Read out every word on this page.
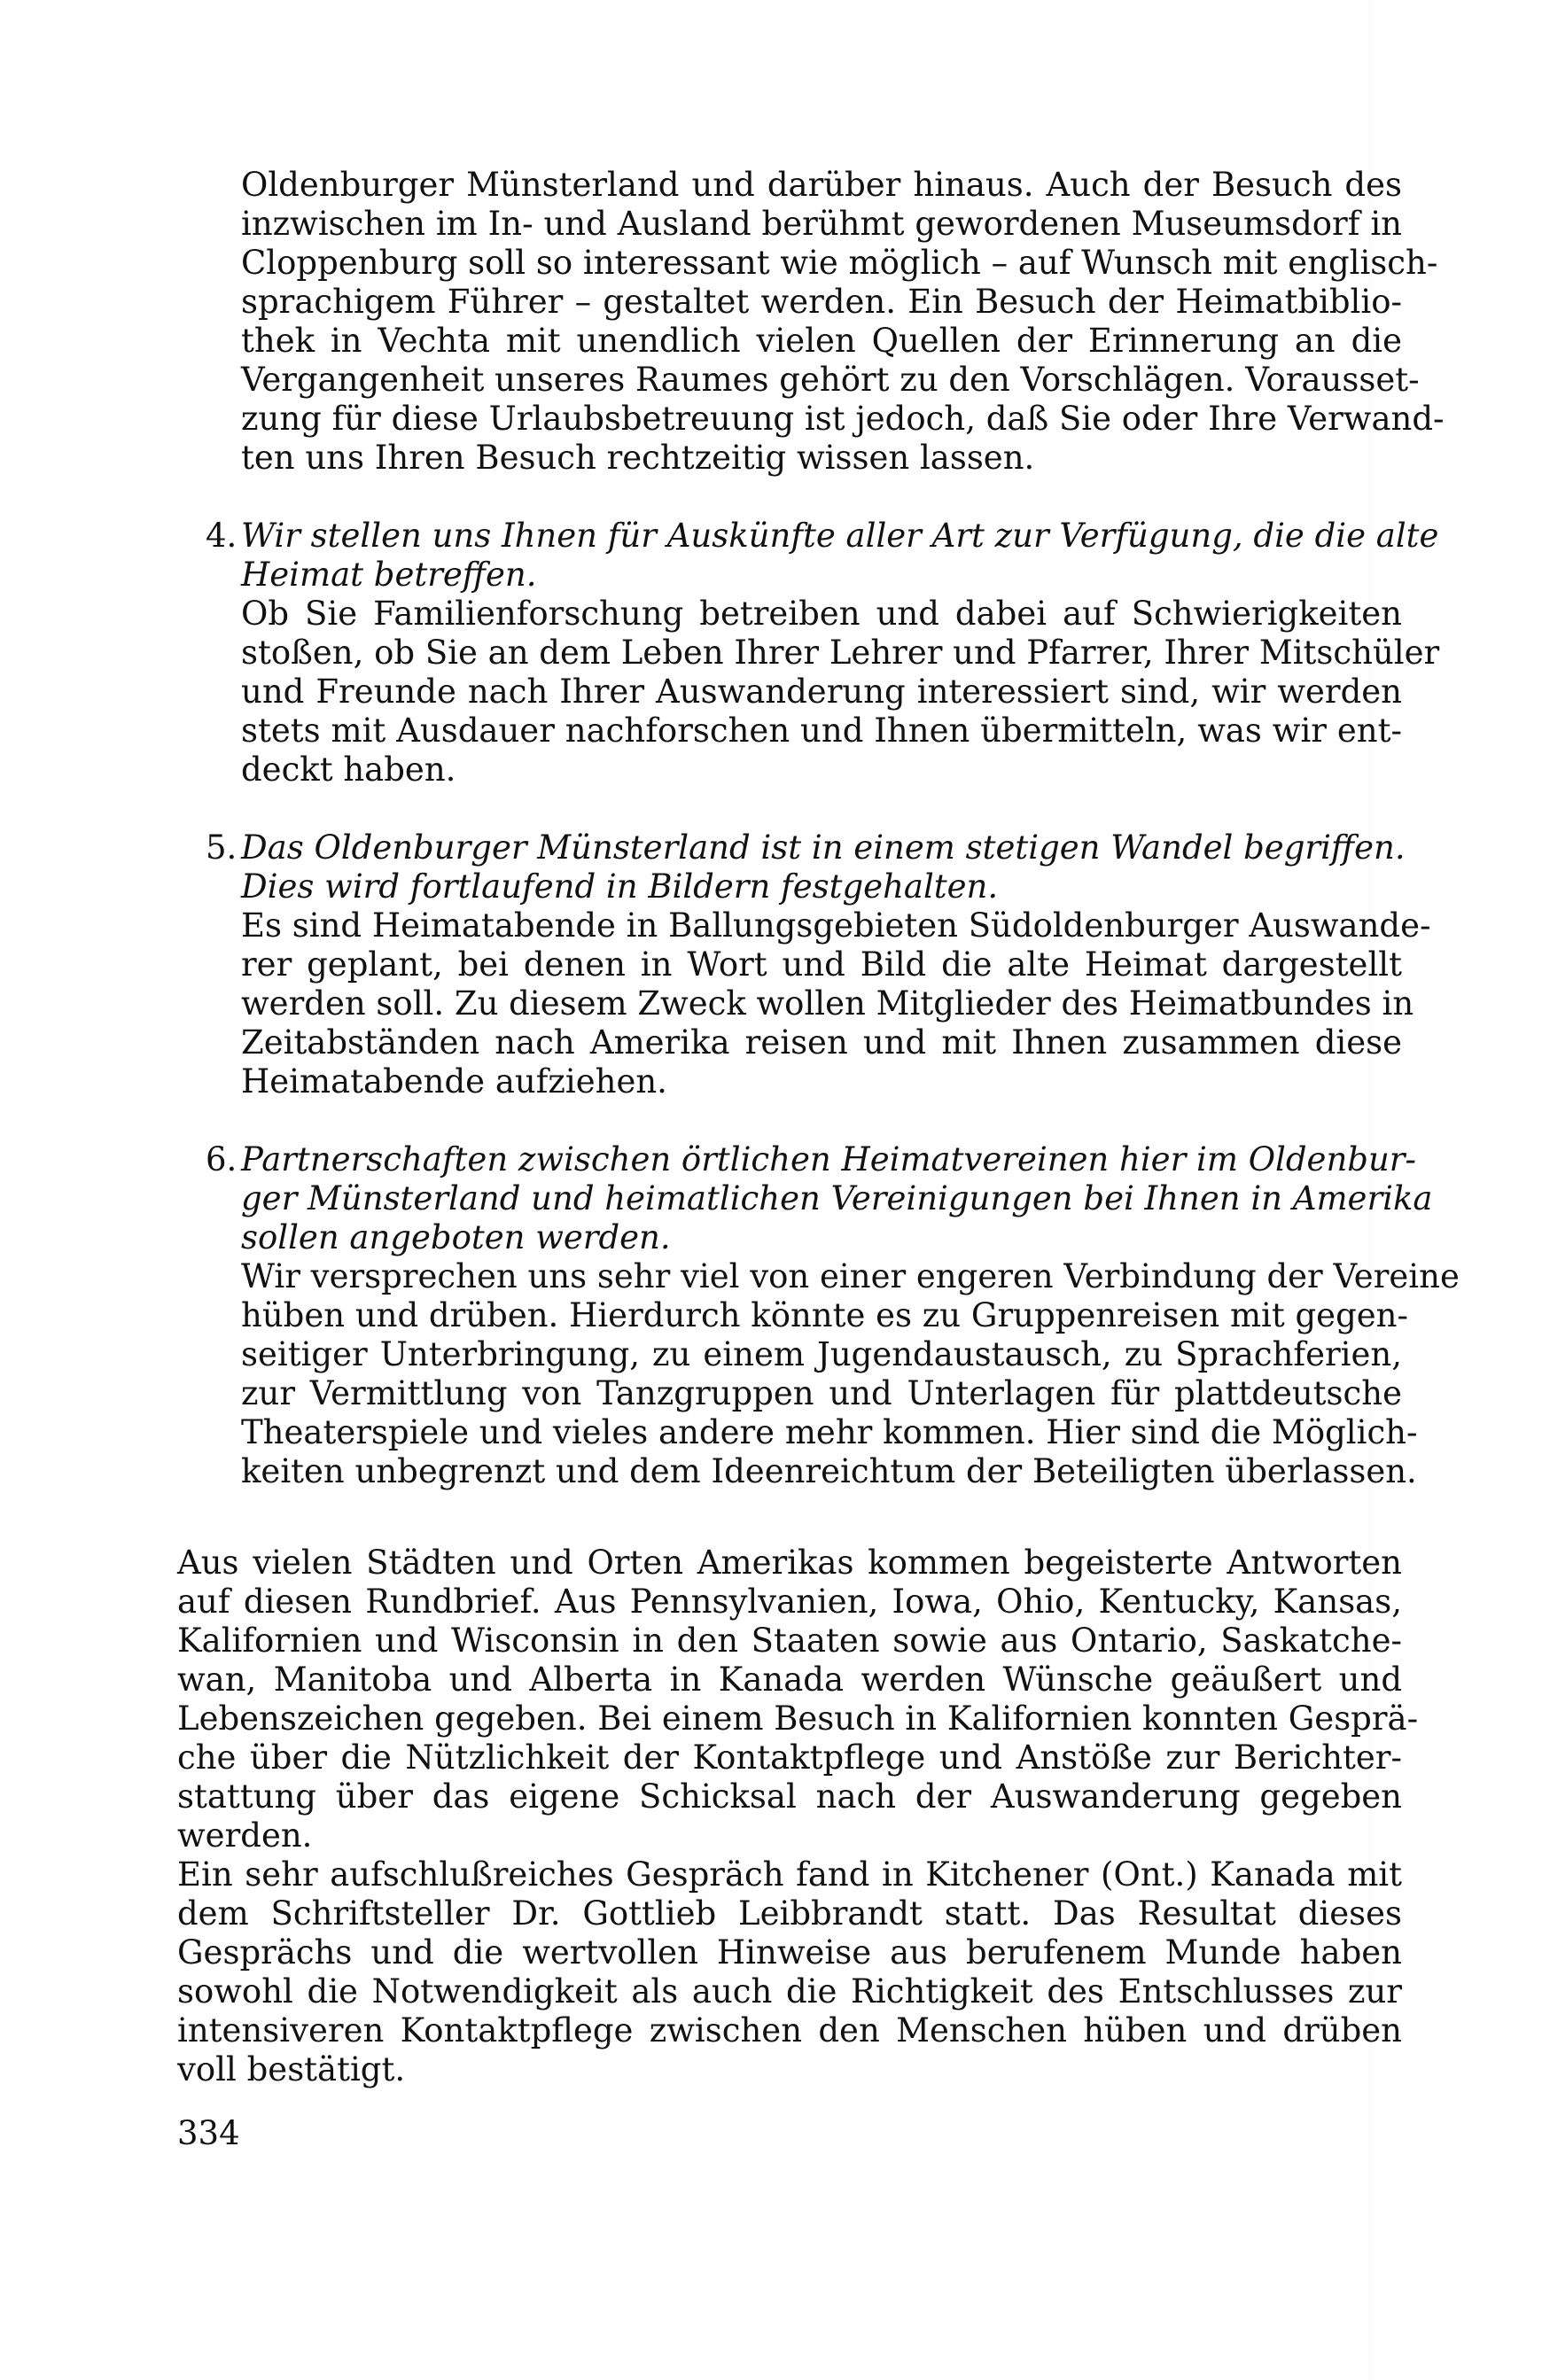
Oldenburger Münsterland und darüber hinaus. Auch der Besuch des
inzwischen im In- und Ausland berühmt gewordenen Museumsdorf in
Cloppenburg soll so interessant wie möglich – auf Wunsch mit englisch-
sprachigem Führer – gestaltet werden. Ein Besuch der Heimatbiblio-
thek in Vechta mit unendlich vielen Quellen der Erinnerung an die
Vergangenheit unseres Raumes gehört zu den Vorschlägen. Vorausset-
zung für diese Urlaubsbetreuung ist jedoch, daß Sie oder Ihre Verwand-
ten uns Ihren Besuch rechtzeitig wissen lassen.
4. Wir stellen uns Ihnen für Auskünfte aller Art zur Verfügung, die die alte
Heimat betreffen.
Ob Sie Familienforschung betreiben und dabei auf Schwierigkeiten
stoßen, ob Sie an dem Leben Ihrer Lehrer und Pfarrer, Ihrer Mitschüler
und Freunde nach Ihrer Auswanderung interessiert sind, wir werden
stets mit Ausdauer nachforschen und Ihnen übermitteln, was wir ent-
deckt haben.
5. Das Oldenburger Münsterland ist in einem stetigen Wandel begriffen.
Dies wird fortlaufend in Bildern festgehalten.
Es sind Heimatabende in Ballungsgebieten Südoldenburger Auswande-
rer geplant, bei denen in Wort und Bild die alte Heimat dargestellt
werden soll. Zu diesem Zweck wollen Mitglieder des Heimatbundes in
Zeitabständen nach Amerika reisen und mit Ihnen zusammen diese
Heimatabende aufziehen.
6. Partnerschaften zwischen örtlichen Heimatvereinen hier im Oldenbur-
ger Münsterland und heimatlichen Vereinigungen bei Ihnen in Amerika
sollen angeboten werden.
Wir versprechen uns sehr viel von einer engeren Verbindung der Vereine
hüben und drüben. Hierdurch könnte es zu Gruppenreisen mit gegen-
seitiger Unterbringung, zu einem Jugendaustausch, zu Sprachferien,
zur Vermittlung von Tanzgruppen und Unterlagen für plattdeutsche
Theaterspiele und vieles andere mehr kommen. Hier sind die Möglich-
keiten unbegrenzt und dem Ideenreichtum der Beteiligten überlassen.
Aus vielen Städten und Orten Amerikas kommen begeisterte Antworten
auf diesen Rundbrief. Aus Pennsylvanien, Iowa, Ohio, Kentucky, Kansas,
Kalifornien und Wisconsin in den Staaten sowie aus Ontario, Saskatche-
wan, Manitoba und Alberta in Kanada werden Wünsche geäußert und
Lebenszeichen gegeben. Bei einem Besuch in Kalifornien konnten Gesprä-
che über die Nützlichkeit der Kontaktpflege und Anstöße zur Berichter-
stattung über das eigene Schicksal nach der Auswanderung gegeben
werden.
Ein sehr aufschlußreiches Gespräch fand in Kitchener (Ont.) Kanada mit
dem Schriftsteller Dr. Gottlieb Leibbrandt statt. Das Resultat dieses
Gesprächs und die wertvollen Hinweise aus berufenem Munde haben
sowohl die Notwendigkeit als auch die Richtigkeit des Entschlusses zur
intensiveren Kontaktpflege zwischen den Menschen hüben und drüben
voll bestätigt.
334
